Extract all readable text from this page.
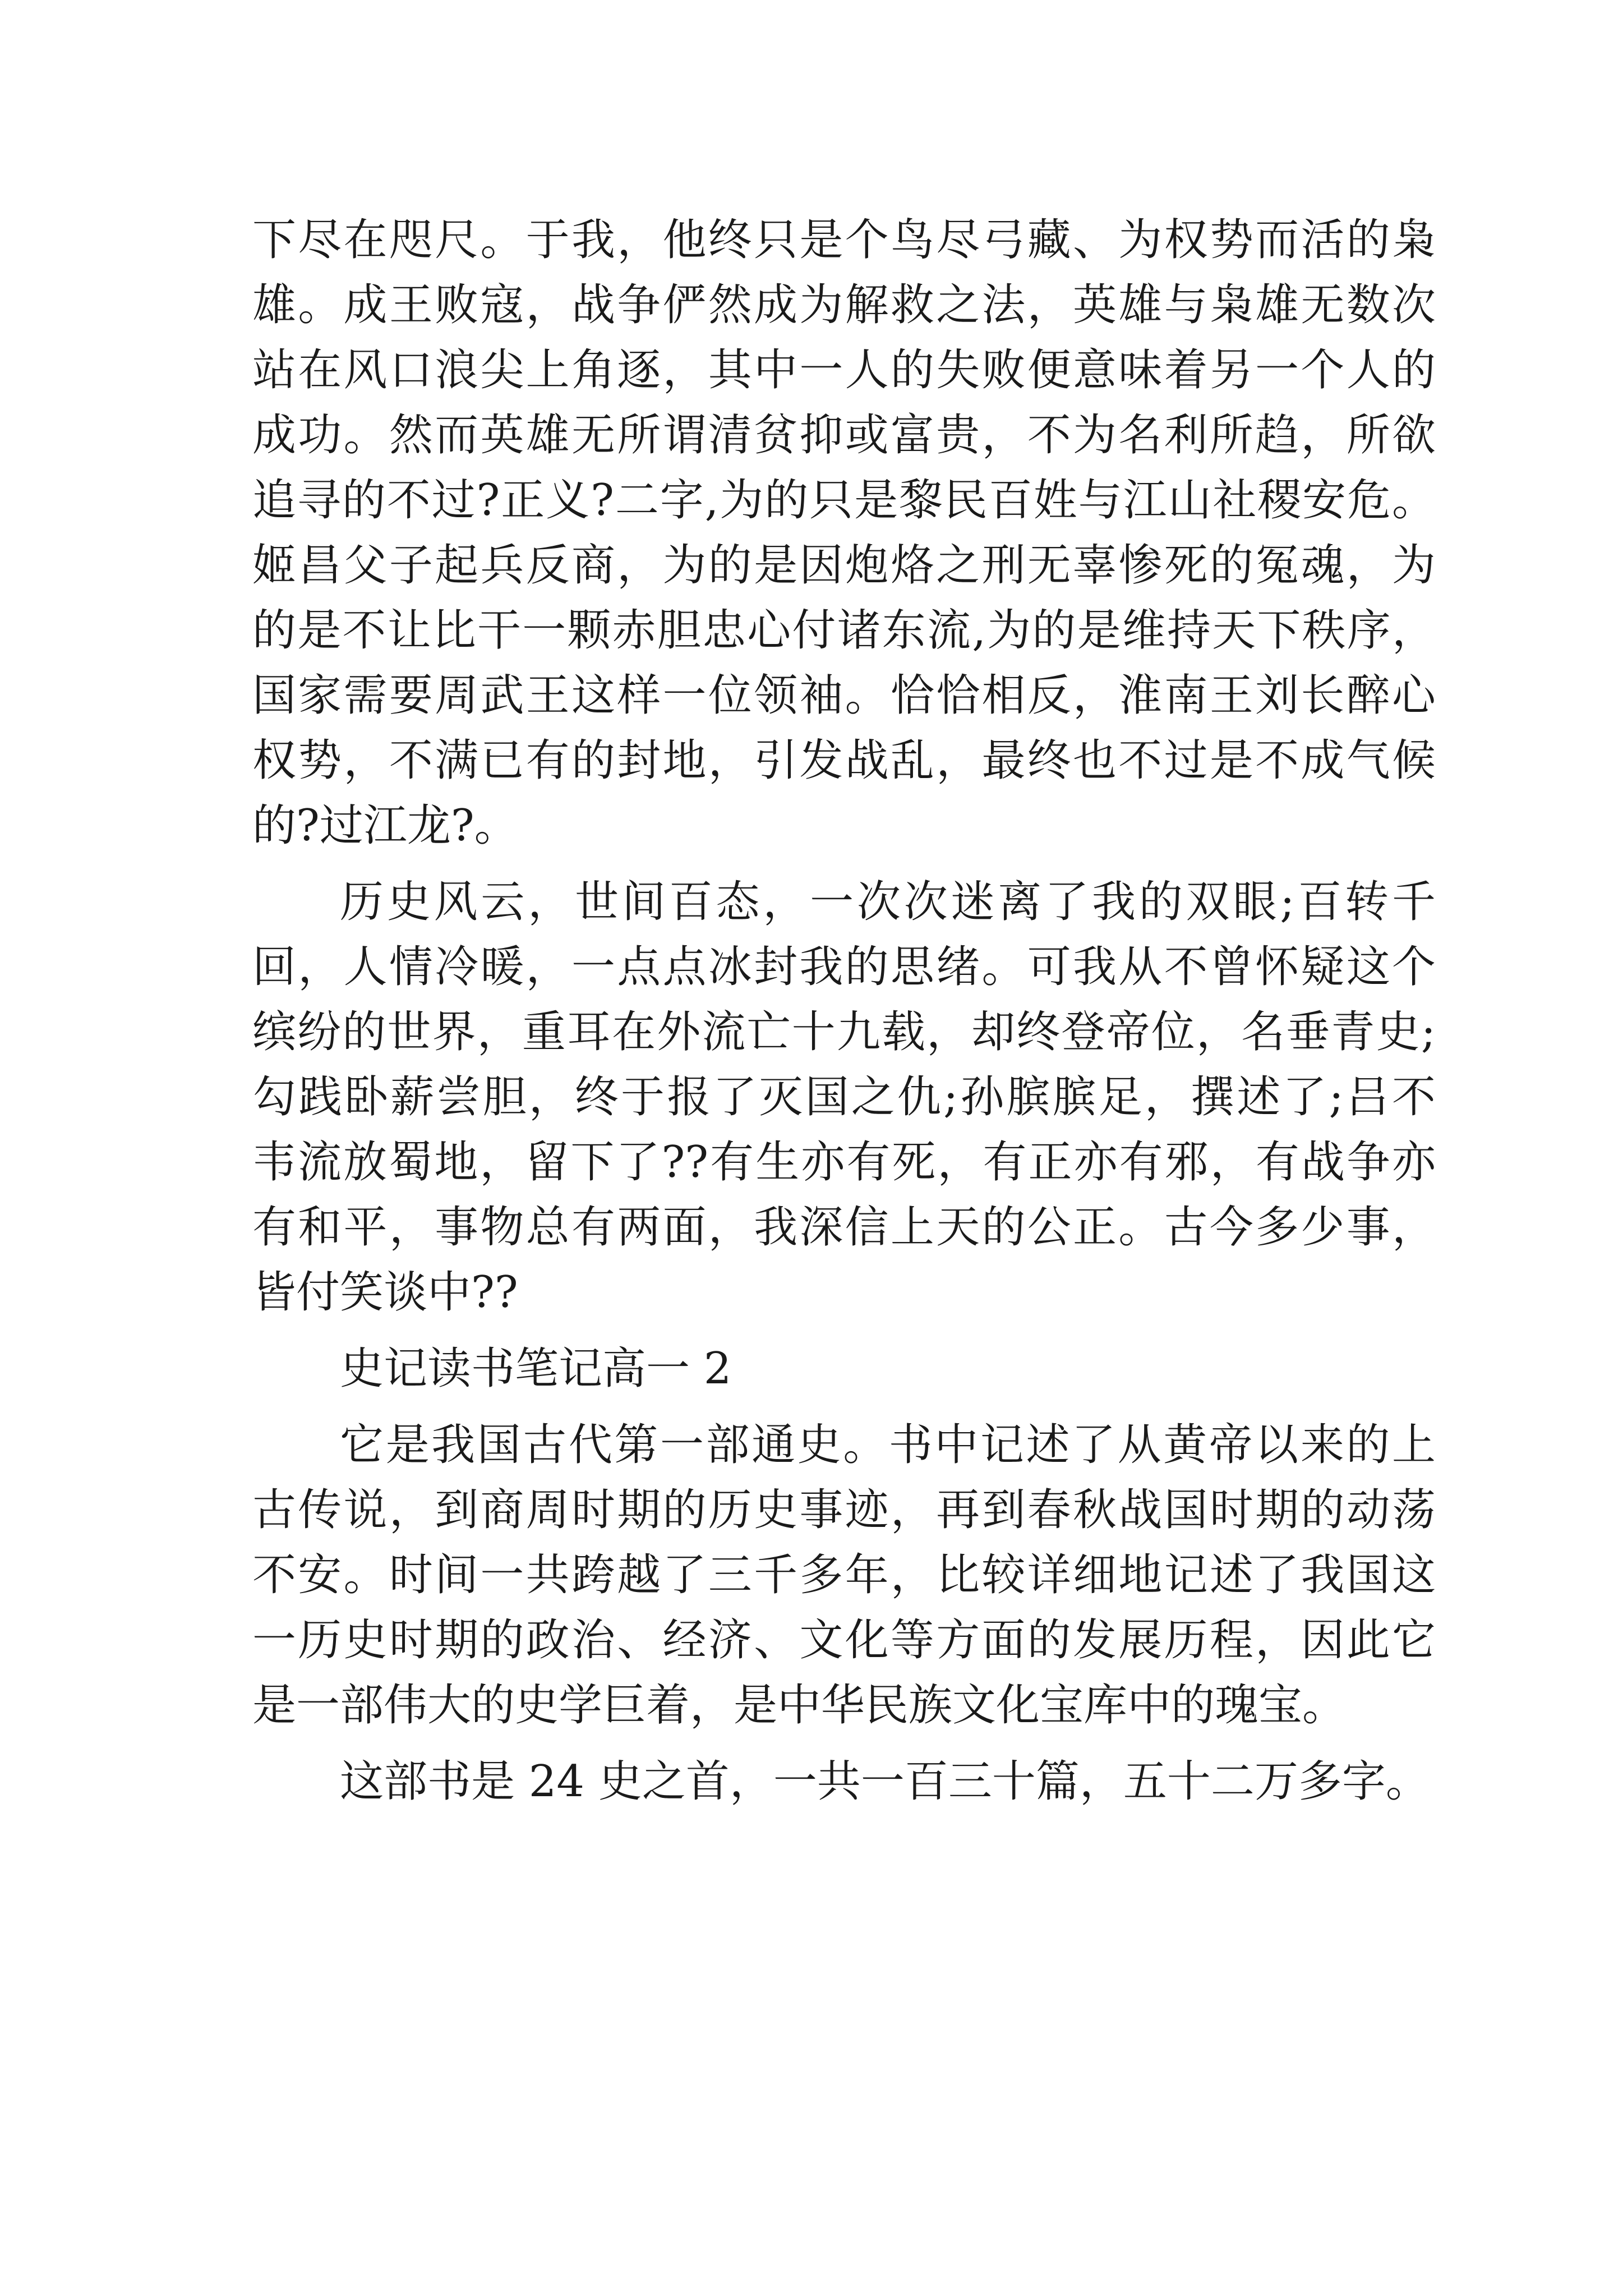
下尽在咫尺。于我，他终只是个鸟尽弓藏、为权势而活的枭
雄。成王败寇，战争俨然成为解救之法，英雄与枭雄无数次
站在风口浪尖上角逐，其中一人的失败便意味着另一个人的
成功。然而英雄无所谓清贫抑或富贵，不为名利所趋，所欲
追寻的不过?正义?二字,为的只是黎民百姓与江山社稷安危。
姬昌父子起兵反商，为的是因炮烙之刑无辜惨死的冤魂，为
的是不让比干一颗赤胆忠心付诸东流,为的是维持天下秩序，
国家需要周武王这样一位领袖。恰恰相反，淮南王刘长醉心
权势，不满已有的封地，引发战乱，最终也不过是不成气候
的?过江龙?。
历史风云，世间百态，一次次迷离了我的双眼;百转千
回，人情冷暖，一点点冰封我的思绪。可我从不曾怀疑这个
缤纷的世界，重耳在外流亡十九载，却终登帝位，名垂青史;
勾践卧薪尝胆，终于报了灭国之仇;孙膑膑足，撰述了;吕不
韦流放蜀地，留下了??有生亦有死，有正亦有邪，有战争亦
有和平，事物总有两面，我深信上天的公正。古今多少事，
皆付笑谈中??
史记读书笔记高一 2
它是我国古代第一部通史。书中记述了从黄帝以来的上
古传说，到商周时期的历史事迹，再到春秋战国时期的动荡
不安。时间一共跨越了三千多年，比较详细地记述了我国这
一历史时期的政治、经济、文化等方面的发展历程，因此它
是一部伟大的史学巨着，是中华民族文化宝库中的瑰宝。
这部书是 24 史之首，一共一百三十篇，五十二万多字。
